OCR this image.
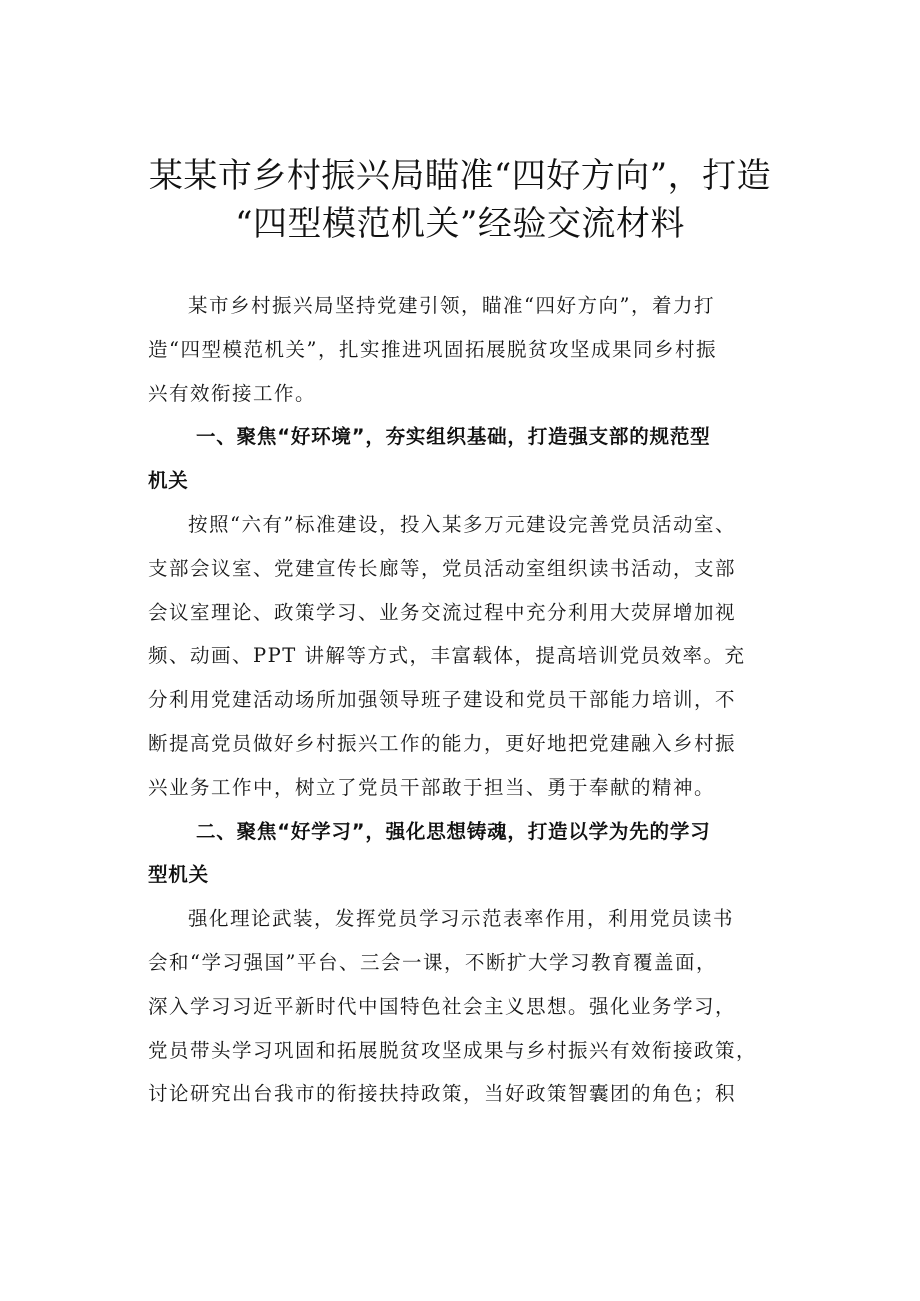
某某市乡村振兴局瞄准“四好方向”，打造
“四型模范机关”经验交流材料

某市乡村振兴局坚持党建引领，瞄准“四好方向”，着力打
造“四型模范机关”，扎实推进巩固拓展脱贫攻坚成果同乡村振
兴有效衔接工作。

一、聚焦“好环境”，夯实组织基础，打造强支部的规范型
机关

按照“六有”标准建设，投入某多万元建设完善党员活动室、
支部会议室、党建宣传长廊等，党员活动室组织读书活动，支部
会议室理论、政策学习、业务交流过程中充分利用大荧屏增加视
频、动画、PPT 讲解等方式，丰富载体，提高培训党员效率。充
分利用党建活动场所加强领导班子建设和党员干部能力培训，不
断提高党员做好乡村振兴工作的能力，更好地把党建融入乡村振
兴业务工作中，树立了党员干部敢于担当、勇于奉献的精神。

二、聚焦“好学习”，强化思想铸魂，打造以学为先的学习
型机关

强化理论武装，发挥党员学习示范表率作用，利用党员读书
会和“学习强国”平台、三会一课，不断扩大学习教育覆盖面，
深入学习习近平新时代中国特色社会主义思想。强化业务学习，
党员带头学习巩固和拓展脱贫攻坚成果与乡村振兴有效衔接政策，
讨论研究出台我市的衔接扶持政策，当好政策智囊团的角色；积
